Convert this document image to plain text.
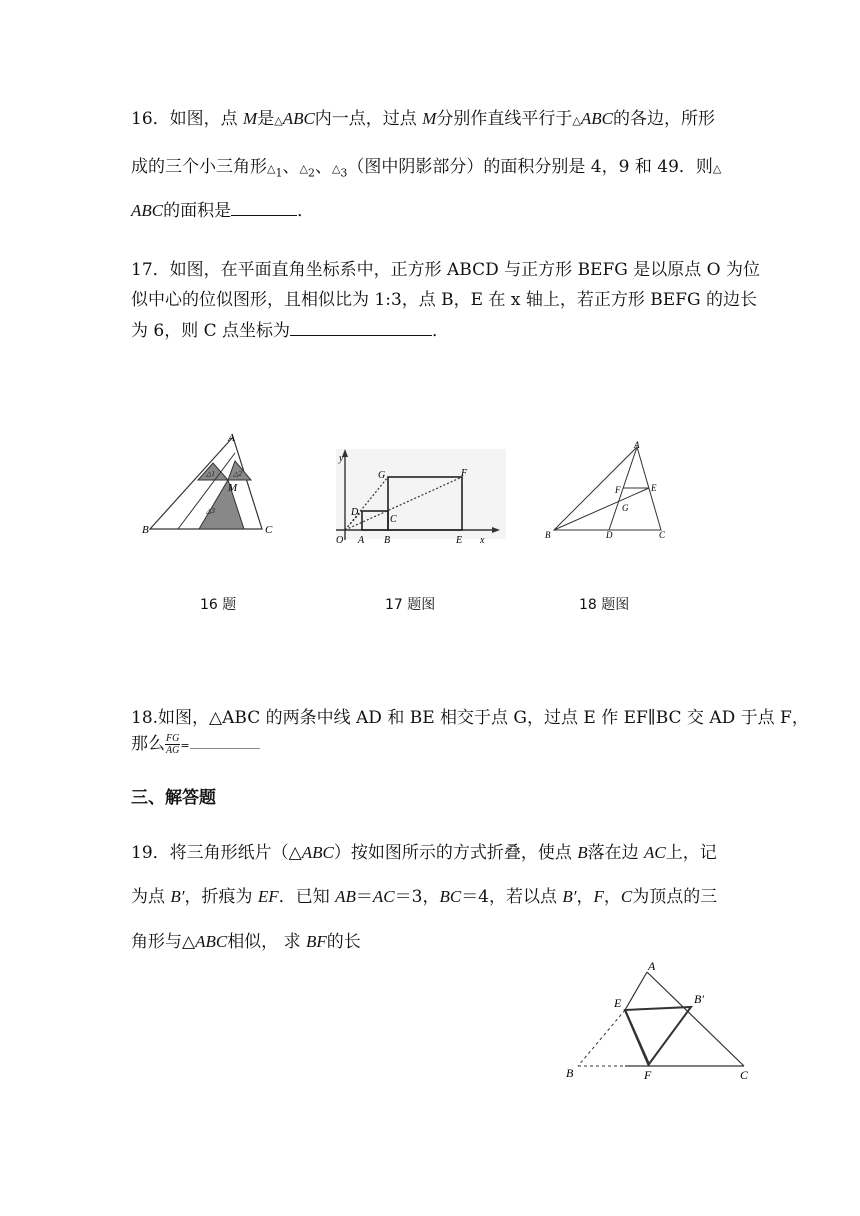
16．如图，点 M是△ABC内一点，过点 M分别作直线平行于△ABC的各边，所形
成的三个小三角形$\triangle_1$、$\triangle_2$、$\triangle_3$（图中阴影部分）的面积分别是 4，9 和 49．则△
ABC的面积是	．
17．如图，在平面直角坐标系中，正方形 ABCD 与正方形 BEFG 是以原点 O 为位
似中心的位似图形，且相似比为 1:3，点 B，E 在 x 轴上，若正方形 BEFG 的边长
为 6，则 C 点坐标为	．
A
B	C
M
△1	△2
△3
y
x
O A B	E
G	F
D
C
A
B	C
D
E
F
G
16 题	17 题图	18 题图
18.如图，△ABC 的两条中线 AD 和 BE 相交于点 G，过点 E 作 EF∥BC 交 AD 于点 F，
那么 $\frac{FG}{AG}$ =
三、解答题
19．将三角形纸片（△ABC）按如图所示的方式折叠，使点 B落在边 AC上，记
为点 B′，折痕为 EF．已知 AB＝AC＝3，BC＝4，若以点 B′，F，C为顶点的三
角形与△ABC相似， 求 BF的长
A
E	B′
B	F	C
